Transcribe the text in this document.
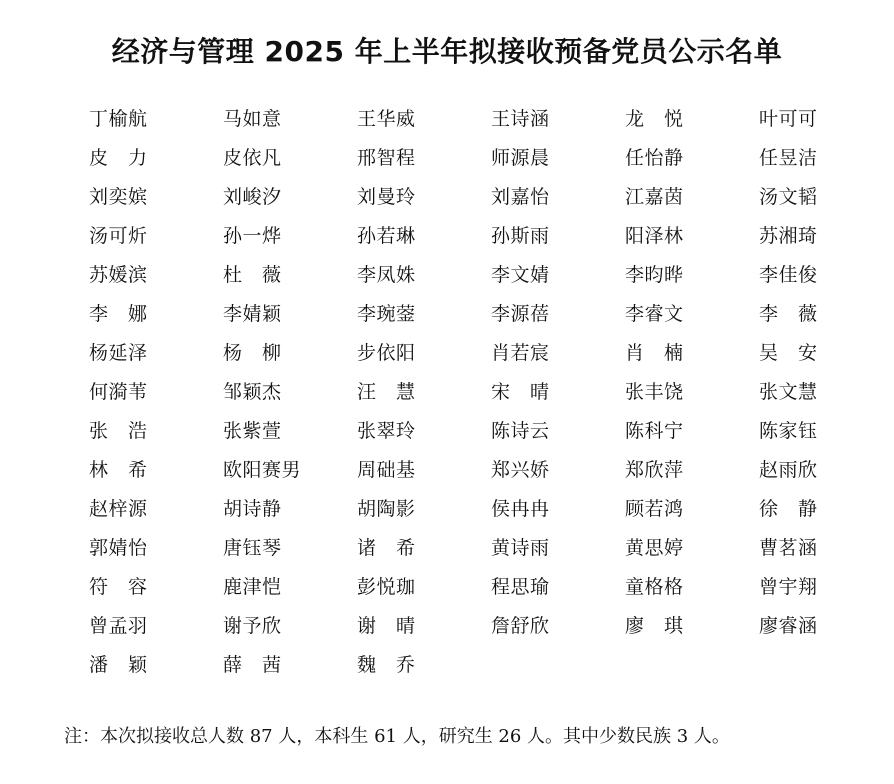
经济与管理 2025 年上半年拟接收预备党员公示名单
丁榆航	马如意	王华威	王诗涵	龙　悦	叶可可
皮　力	皮依凡	邢智程	师源晨	任怡静	任昱洁
刘奕嫔	刘峻汐	刘曼玲	刘嘉怡	江嘉茵	汤文韬
汤可炘	孙一烨	孙若琳	孙斯雨	阳泽林	苏湘琦
苏媛滨	杜　薇	李凤姝	李文婧	李昀晔	李佳俊
李　娜	李婧颖	李琬蓥	李源蓓	李睿文	李　薇
杨延泽	杨　柳	步依阳	肖若宸	肖　楠	吴　安
何漪苇	邹颖杰	汪　慧	宋　晴	张丰饶	张文慧
张　浩	张紫萱	张翠玲	陈诗云	陈科宁	陈家钰
林　希	欧阳赛男	周础基	郑兴娇	郑欣萍	赵雨欣
赵梓源	胡诗静	胡陶影	侯冉冉	顾若鸿	徐　静
郭婧怡	唐钰琴	诸　希	黄诗雨	黄思婷	曹茗涵
符　容	鹿津恺	彭悦珈	程思瑜	童格格	曾宇翔
曾孟羽	谢予欣	谢　晴	詹舒欣	廖　琪	廖睿涵
潘　颖	薛　茜	魏　乔
注：本次拟接收总人数 87 人，本科生 61 人，研究生 26 人。其中少数民族 3 人。
